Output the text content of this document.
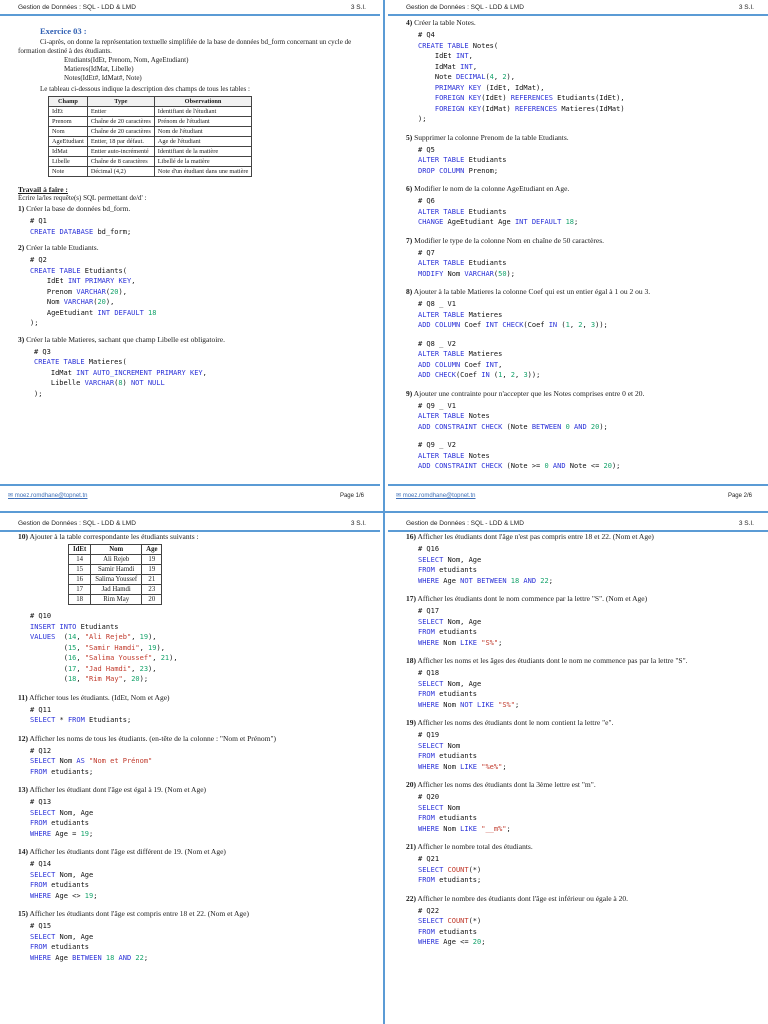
Gestion de Données : SQL - LDD & LMD	3 S.I.
Exercice 03 :
Ci-après, on donne la représentation textuelle simplifiée de la base de données bd_form concernant un cycle de formation destiné à des étudiants.
Etudiants(IdEt, Prenom, Nom, AgeEtudiant)
Matieres(IdMat, Libelle)
Notes(IdEt#, IdMat#, Note)
Le tableau ci-dessous indique la description des champs de tous les tables :
Champ	Type	Observationn
IdEt	Entier	Identifiant de l'étudiant
Prenom	Chaîne de 20 caractères	Prénom de l'étudiant
Nom	Chaîne de 20 caractères	Nom de l'étudiant
AgeEtudiant	Entier, 18 par défaut.	Age de l'étudiant
IdMat	Entier auto-incrémenté	Identifiant de la matière
Libelle	Chaîne de 8 caractères	Libellé de la matière
Note	Décimal (4,2)	Note d'un étudiant dans une matière
Travail à faire :
Écrire la/les requête(s) SQL permettant de/d' :
1) Créer la base de données bd_form.
# Q1
CREATE DATABASE bd_form;
2) Créer la table Etudiants.
# Q2
CREATE TABLE Etudiants(
IdEt INT PRIMARY KEY,
Prenom VARCHAR(20),
Nom VARCHAR(20),
AgeEtudiant INT DEFAULT 18
);
3) Créer la table Matieres, sachant que champ Libelle est obligatoire.
# Q3
CREATE TABLE Matieres(
IdMat INT AUTO_INCREMENT PRIMARY KEY,
Libelle VARCHAR(8) NOT NULL
);
✉ moez.romdhane@topnet.tn	Page 1/6
Gestion de Données : SQL - LDD & LMD	3 S.I.
4) Créer la table Notes.
# Q4
CREATE TABLE Notes(
IdEt INT,
IdMat INT,
Note DECIMAL(4, 2),
PRIMARY KEY (IdEt, IdMat),
FOREIGN KEY(IdEt) REFERENCES Etudiants(IdEt),
FOREIGN KEY(IdMat) REFERENCES Matieres(IdMat)
);
5) Supprimer la colonne Prenom de la table Etudiants.
# Q5
ALTER TABLE Etudiants
DROP COLUMN Prenom;
6) Modifier le nom de la colonne AgeEtudiant en Age.
# Q6
ALTER TABLE Etudiants
CHANGE AgeEtudiant Age INT DEFAULT 18;
7) Modifier le type de la colonne Nom en chaîne de 50 caractères.
# Q7
ALTER TABLE Etudiants
MODIFY Nom VARCHAR(50);
8) Ajouter à la table Matieres la colonne Coef qui est un entier égal à 1 ou 2 ou 3.
# Q8 _ V1
ALTER TABLE Matieres
ADD COLUMN Coef INT CHECK(Coef IN (1, 2, 3));
# Q8 _ V2
ALTER TABLE Matieres
ADD COLUMN Coef INT,
ADD CHECK(Coef IN (1, 2, 3));
9) Ajouter une contrainte pour n'accepter que les Notes comprises entre 0 et 20.
# Q9 _ V1
ALTER TABLE Notes
ADD CONSTRAINT CHECK (Note BETWEEN 0 AND 20);
# Q9 _ V2
ALTER TABLE Notes
ADD CONSTRAINT CHECK (Note >= 0 AND Note <= 20);
✉ moez.romdhane@topnet.tn	Page 2/6
Gestion de Données : SQL - LDD & LMD	3 S.I.
10) Ajouter à la table correspondante les étudiants suivants :
IdEt	Nom	Age
14	Ali Rejeb	19
15	Samir Hamdi	19
16	Salima Youssef	21
17	Jad Hamdi	23
18	Rim May	20
# Q10
INSERT INTO Etudiants
VALUES  (14, "Ali Rejeb", 19),
(15, "Samir Hamdi", 19),
(16, "Salima Youssef", 21),
(17, "Jad Hamdi", 23),
(18, "Rim May", 20);
11) Afficher tous les étudiants. (IdEt, Nom et Age)
# Q11
SELECT * FROM Etudiants;
12) Afficher les noms de tous les étudiants. (en-tête de la colonne : "Nom et Prénom")
# Q12
SELECT Nom AS "Nom et Prénom"
FROM etudiants;
13) Afficher les étudiant dont l'âge est égal à 19. (Nom et Age)
# Q13
SELECT Nom, Age
FROM etudiants
WHERE Age = 19;
14) Afficher les étudiants dont l'âge est différent de 19. (Nom et Age)
# Q14
SELECT Nom, Age
FROM etudiants
WHERE Age <> 19;
15) Afficher les étudiants dont l'âge est compris entre 18 et 22. (Nom et Age)
# Q15
SELECT Nom, Age
FROM etudiants
WHERE Age BETWEEN 18 AND 22;
Gestion de Données : SQL - LDD & LMD	3 S.I.
16) Afficher les étudiants dont l'âge n'est pas compris entre 18 et 22. (Nom et Age)
# Q16
SELECT Nom, Age
FROM etudiants
WHERE Age NOT BETWEEN 18 AND 22;
17) Afficher les étudiants dont le nom commence par la lettre "S". (Nom et Age)
# Q17
SELECT Nom, Age
FROM etudiants
WHERE Nom LIKE "S%";
18) Afficher les noms et les âges des étudiants dont le nom ne commence pas par la lettre "S".
# Q18
SELECT Nom, Age
FROM etudiants
WHERE Nom NOT LIKE "S%";
19) Afficher les noms des étudiants dont le nom contient la lettre "e".
# Q19
SELECT Nom
FROM etudiants
WHERE Nom LIKE "%e%";
20) Afficher les noms des étudiants dont la 3ème lettre est "m".
# Q20
SELECT Nom
FROM etudiants
WHERE Nom LIKE "__m%";
21) Afficher le nombre total des étudiants.
# Q21
SELECT COUNT(*)
FROM etudiants;
22) Afficher le nombre des étudiants dont l'âge est inférieur ou égale à 20.
# Q22
SELECT COUNT(*)
FROM etudiants
WHERE Age <= 20;
